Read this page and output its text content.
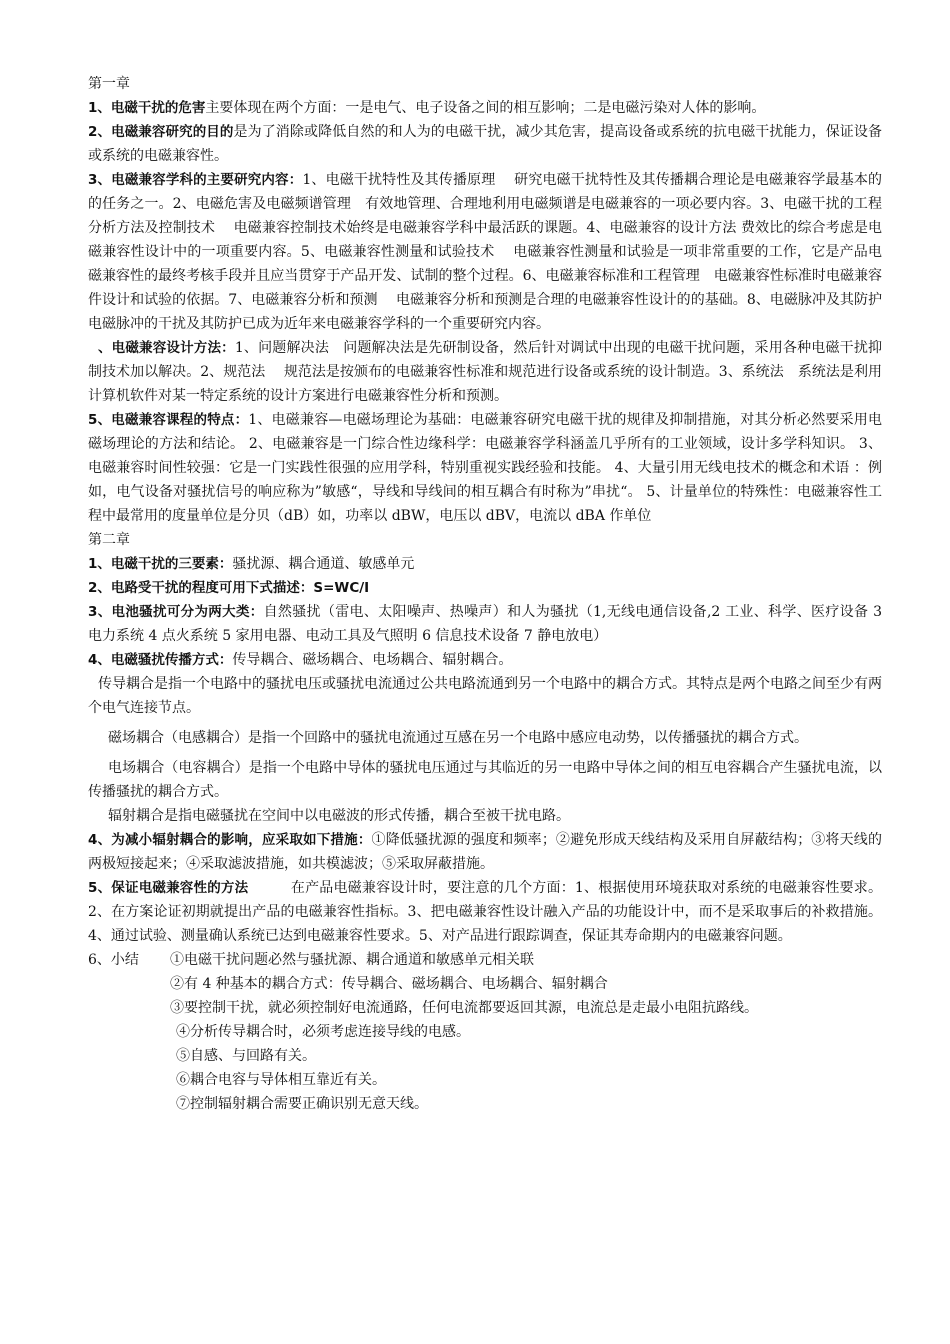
第一章
1、电磁干扰的危害主要体现在两个方面：一是电气、电子设备之间的相互影响；二是电磁污染对人体的影响。
2、电磁兼容研究的目的是为了消除或降低自然的和人为的电磁干扰，减少其危害，提高设备或系统的抗电磁干扰能力，保证设备或系统的电磁兼容性。
3、电磁兼容学科的主要研究内容：1、电磁干扰特性及其传播原理　 研究电磁干扰特性及其传播耦合理论是电磁兼容学最基本的的任务之一。2、电磁危害及电磁频谱管理　有效地管理、合理地利用电磁频谱是电磁兼容的一项必要内容。3、电磁干扰的工程分析方法及控制技术　 电磁兼容控制技术始终是电磁兼容学科中最活跃的课题。4、电磁兼容的设计方法 费效比的综合考虑是电磁兼容性设计中的一项重要内容。5、电磁兼容性测量和试验技术　 电磁兼容性测量和试验是一项非常重要的工作，它是产品电磁兼容性的最终考核手段并且应当贯穿于产品开发、试制的整个过程。6、电磁兼容标准和工程管理　电磁兼容性标准时电磁兼容件设计和试验的依据。7、电磁兼容分析和预测　 电磁兼容分析和预测是合理的电磁兼容性设计的的基础。8、电磁脉冲及其防护　电磁脉冲的干扰及其防护已成为近年来电磁兼容学科的一个重要研究内容。
、电磁兼容设计方法：1、问题解决法　问题解决法是先研制设备，然后针对调试中出现的电磁干扰问题，采用各种电磁干扰抑制技术加以解决。2、规范法　 规范法是按颁布的电磁兼容性标准和规范进行设备或系统的设计制造。3、系统法　系统法是利用计算机软件对某一特定系统的设计方案进行电磁兼容性分析和预测。
5、电磁兼容课程的特点：1、电磁兼容—电磁场理论为基础：电磁兼容研究电磁干扰的规律及抑制措施，对其分析必然要采用电磁场理论的方法和结论。 2、电磁兼容是一门综合性边缘科学：电磁兼容学科涵盖几乎所有的工业领域，设计多学科知识。 3、电磁兼容时间性较强：它是一门实践性很强的应用学科，特别重视实践经验和技能。 4、大量引用无线电技术的概念和术语 ：例如，电气设备对骚扰信号的响应称为”敏感“，导线和导线间的相互耦合有时称为”串扰“。 5、计量单位的特殊性：电磁兼容性工程中最常用的度量单位是分贝（dB）如，功率以 dBW，电压以 dBV，电流以 dBA 作单位
第二章
1、电磁干扰的三要素：骚扰源、耦合通道、敏感单元
2、电路受干扰的程度可用下式描述：S=WC/I
3、电池骚扰可分为两大类：自然骚扰（雷电、太阳噪声、热噪声）和人为骚扰（1,无线电通信设备,2 工业、科学、医疗设备 3 电力系统 4 点火系统 5 家用电器、电动工具及气照明 6 信息技术设备 7 静电放电）
4、电磁骚扰传播方式：传导耦合、磁场耦合、电场耦合、辐射耦合。
传导耦合是指一个电路中的骚扰电压或骚扰电流通过公共电路流通到另一个电路中的耦合方式。其特点是两个电路之间至少有两个电气连接节点。
磁场耦合（电感耦合）是指一个回路中的骚扰电流通过互感在另一个电路中感应电动势，以传播骚扰的耦合方式。
电场耦合（电容耦合）是指一个电路中导体的骚扰电压通过与其临近的另一电路中导体之间的相互电容耦合产生骚扰电流，以传播骚扰的耦合方式。
辐射耦合是指电磁骚扰在空间中以电磁波的形式传播，耦合至被干扰电路。
4、为减小辐射耦合的影响，应采取如下措施：➀降低骚扰源的强度和频率；➁避免形成天线结构及采用自屏蔽结构；➂将天线的两极短接起来；➃采取滤波措施，如共模滤波；➄采取屏蔽措施。
5、保证电磁兼容性的方法　　　在产品电磁兼容设计时，要注意的几个方面：1、根据使用环境获取对系统的电磁兼容性要求。2、在方案论证初期就提出产品的电磁兼容性指标。3、把电磁兼容性设计融入产品的功能设计中，而不是采取事后的补救措施。4、通过试验、测量确认系统已达到电磁兼容性要求。5、对产品进行跟踪调查，保证其寿命期内的电磁兼容问题。
6、小结 ➀电磁干扰问题必然与骚扰源、耦合通道和敏感单元相关联
➁有 4 种基本的耦合方式：传导耦合、磁场耦合、电场耦合、辐射耦合
➂要控制干扰，就必须控制好电流通路，任何电流都要返回其源，电流总是走最小电阻抗路线。
➃分析传导耦合时，必须考虑连接导线的电感。
➄自感、与回路有关。
➅耦合电容与导体相互靠近有关。
➆控制辐射耦合需要正确识别无意天线。
